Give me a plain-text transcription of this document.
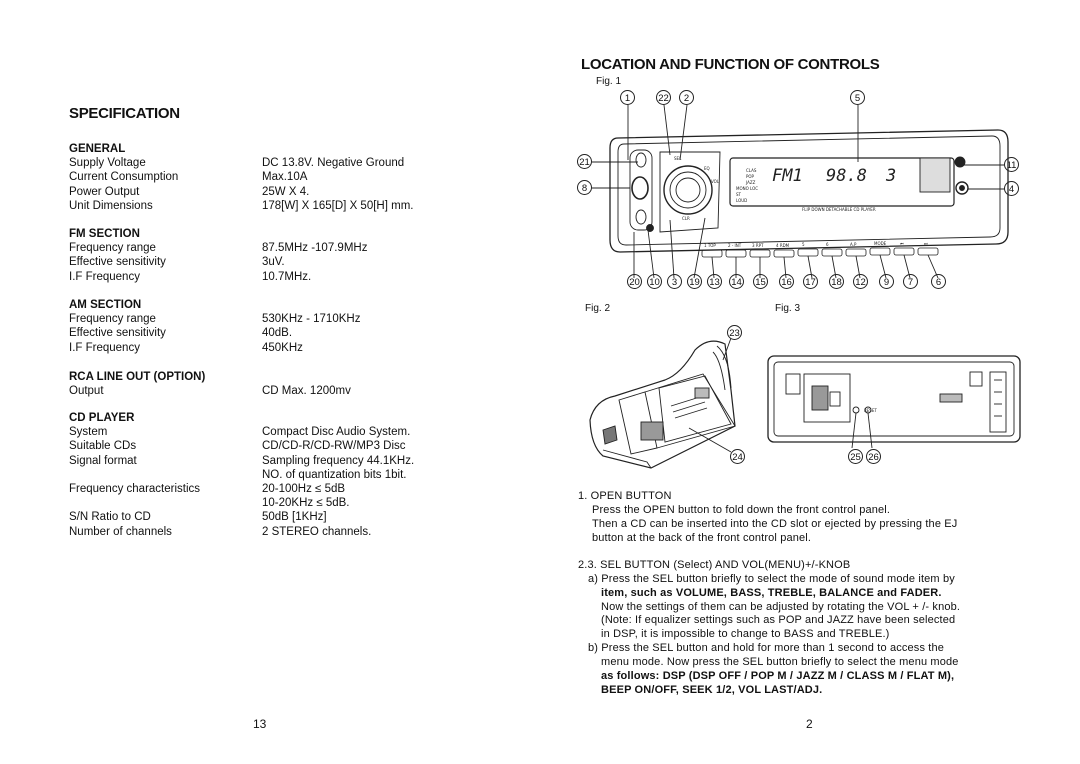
SPECIFICATION
GENERAL
Supply Voltage	DC 13.8V. Negative Ground
Current Consumption	Max.10A
Power Output	25W X 4.
Unit Dimensions	178[W] X 165[D] X 50[H] mm.
FM SECTION
Frequency range	87.5MHz -107.9MHz
Effective sensitivity	3uV.
I.F Frequency	10.7MHz.
AM SECTION
Frequency range	530KHz - 1710KHz
Effective sensitivity	40dB.
I.F Frequency	450KHz
RCA LINE OUT (OPTION)
Output	CD Max. 1200mv
CD PLAYER
System	Compact Disc Audio System.
Suitable CDs	CD/CD-R/CD-RW/MP3 Disc
Signal format	Sampling frequency 44.1KHz.
NO. of quantization bits 1bit.
Frequency characteristics	20-100Hz ≤ 5dB
10-20KHz ≤ 5dB.
S/N Ratio to CD	50dB [1KHz]
Number of channels	2 STEREO channels.
13
LOCATION AND FUNCTION OF CONTROLS
Fig. 1
1	22	2	5
21
8
11
4
20 10	3	19 13 14 15 16 17 18 12	9	7	6
CLAS
POP
JAZZ
MONO LOC
ST
LOUD
VOL
SEL
CLR
EQ	FM1 98.8 3
FLIP DOWN DETACHABLE CD PLAYER
1 TOP	2 - INT	3 RPT	4 RDM	5	6	A.P	MODE	⏮	⏭
Fig. 2	Fig. 3
23
24
RESET
25 26
1. OPEN BUTTON
Press the OPEN button to fold down the front control panel.
Then a CD can be inserted into the CD slot or ejected by pressing the EJ
button at the back of the front control panel.
2.3. SEL BUTTON (Select) AND VOL(MENU)+/-KNOB
a) Press the SEL button briefly to select the mode of sound mode item by
item, such as VOLUME, BASS, TREBLE, BALANCE and FADER.
Now the settings of them can be adjusted by rotating the VOL + /- knob.
(Note: If equalizer settings such as POP and JAZZ have been selected
in DSP, it is impossible to change to BASS and TREBLE.)
b) Press the SEL button and hold for more than 1 second to access the
menu mode. Now press the SEL button briefly to select the menu mode
as follows: DSP (DSP OFF / POP M / JAZZ M / CLASS M / FLAT M),
BEEP ON/OFF, SEEK 1/2, VOL LAST/ADJ.
2
